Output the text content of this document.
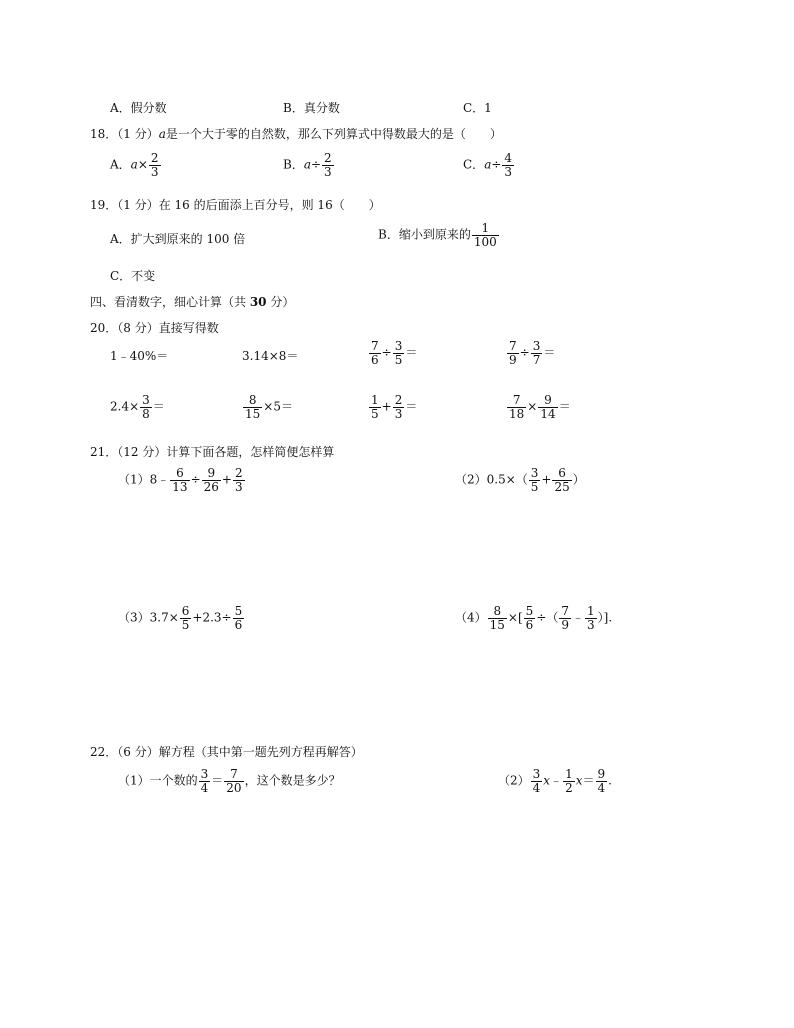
A．假分数	B．真分数	C．1
18．（1 分）a是一个大于零的自然数，那么下列算式中得数最大的是（　　）
A．$a\times \frac{2}{3}$	B．$a\div \frac{2}{3}$	C．$a\div \frac{4}{3}$
19．（1 分）在 16 的后面添上百分号，则 16（　　）
A．扩大到原来的 100 倍	B．缩小到原来的 $\frac{1}{100}$
C．不变
四、看清数字，细心计算（共 30 分）
20．（8 分）直接写得数
1﹣40%＝	3.14×8＝	$\frac{7}{6} \div \frac{3}{5}$ ＝	$\frac{7}{9} \div \frac{3}{7}$ ＝
$2.4\times \frac{3}{8}$ ＝	$\frac{8}{15} \times 5=$	$\frac{1}{5} + \frac{2}{3}$ ＝	$\frac{7}{18} \times \frac{9}{14}$ ＝
21．（12 分）计算下面各题，怎样简便怎样算
（1）8﹣ $\frac{6}{13} \div \frac{9}{26} + \frac{2}{3}$	$(2)0.5\times( \frac{3}{5} + \frac{6}{25}$ ）
$(3)3.7\times \frac{6}{5} +2.3\div \frac{5}{6}$	$(4) \frac{8}{15}$ ×[ $\frac{5}{6}$ ÷（ $\frac{7}{9}$ ﹣ $\frac{1}{3}$ ）].
22．（6 分）解方程（其中第一题先列方程再解答）
（1）一个数的 $\frac{3}{4} = \frac{7}{20}$ ，这个数是多少？	$(2) \frac{3}{4}$ x﹣ $\frac{1}{2} x= \frac{9}{4}$ .
